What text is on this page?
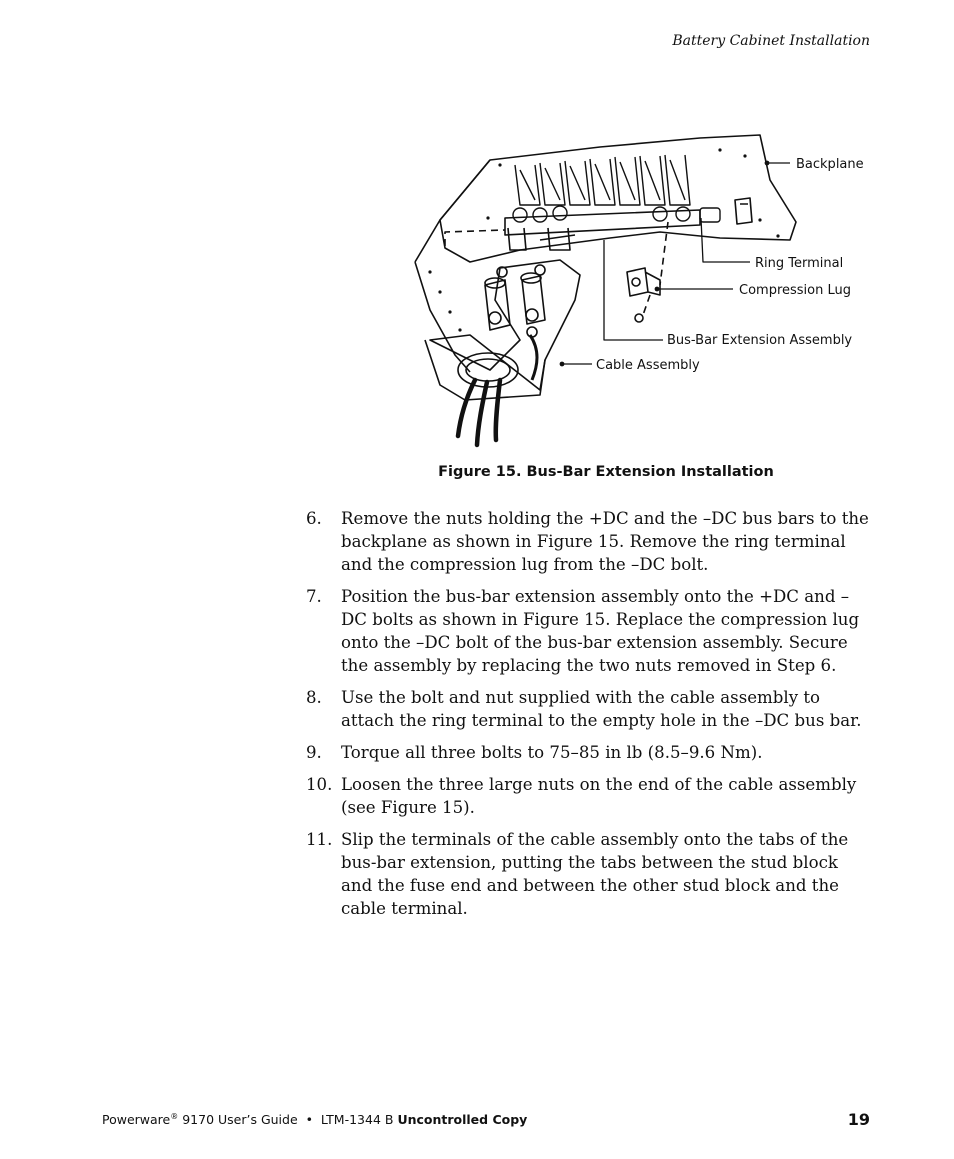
Battery Cabinet Installation
Backplane
Ring Terminal
Compression Lug
Bus-Bar Extension Assembly
Cable Assembly
Figure 15. Bus-Bar Extension Installation
6. Remove the nuts holding the +DC and the –DC bus bars to the backplane as shown in Figure 15. Remove the ring terminal and the compression lug from the –DC bolt.
7. Position the bus-bar extension assembly onto the +DC and –DC bolts as shown in Figure 15. Replace the compression lug onto the –DC bolt of the bus-bar extension assembly. Secure the assembly by replacing the two nuts removed in Step 6.
8. Use the bolt and nut supplied with the cable assembly to attach the ring terminal to the empty hole in the –DC bus bar.
9. Torque all three bolts to 75–85 in lb (8.5–9.6 Nm).
10. Loosen the three large nuts on the end of the cable assembly (see Figure 15).
11. Slip the terminals of the cable assembly onto the tabs of the bus-bar extension, putting the tabs between the stud block and the fuse end and between the other stud block and the cable terminal.
Powerware® 9170 User’s Guide  •  LTM-1344 B Uncontrolled Copy	19
